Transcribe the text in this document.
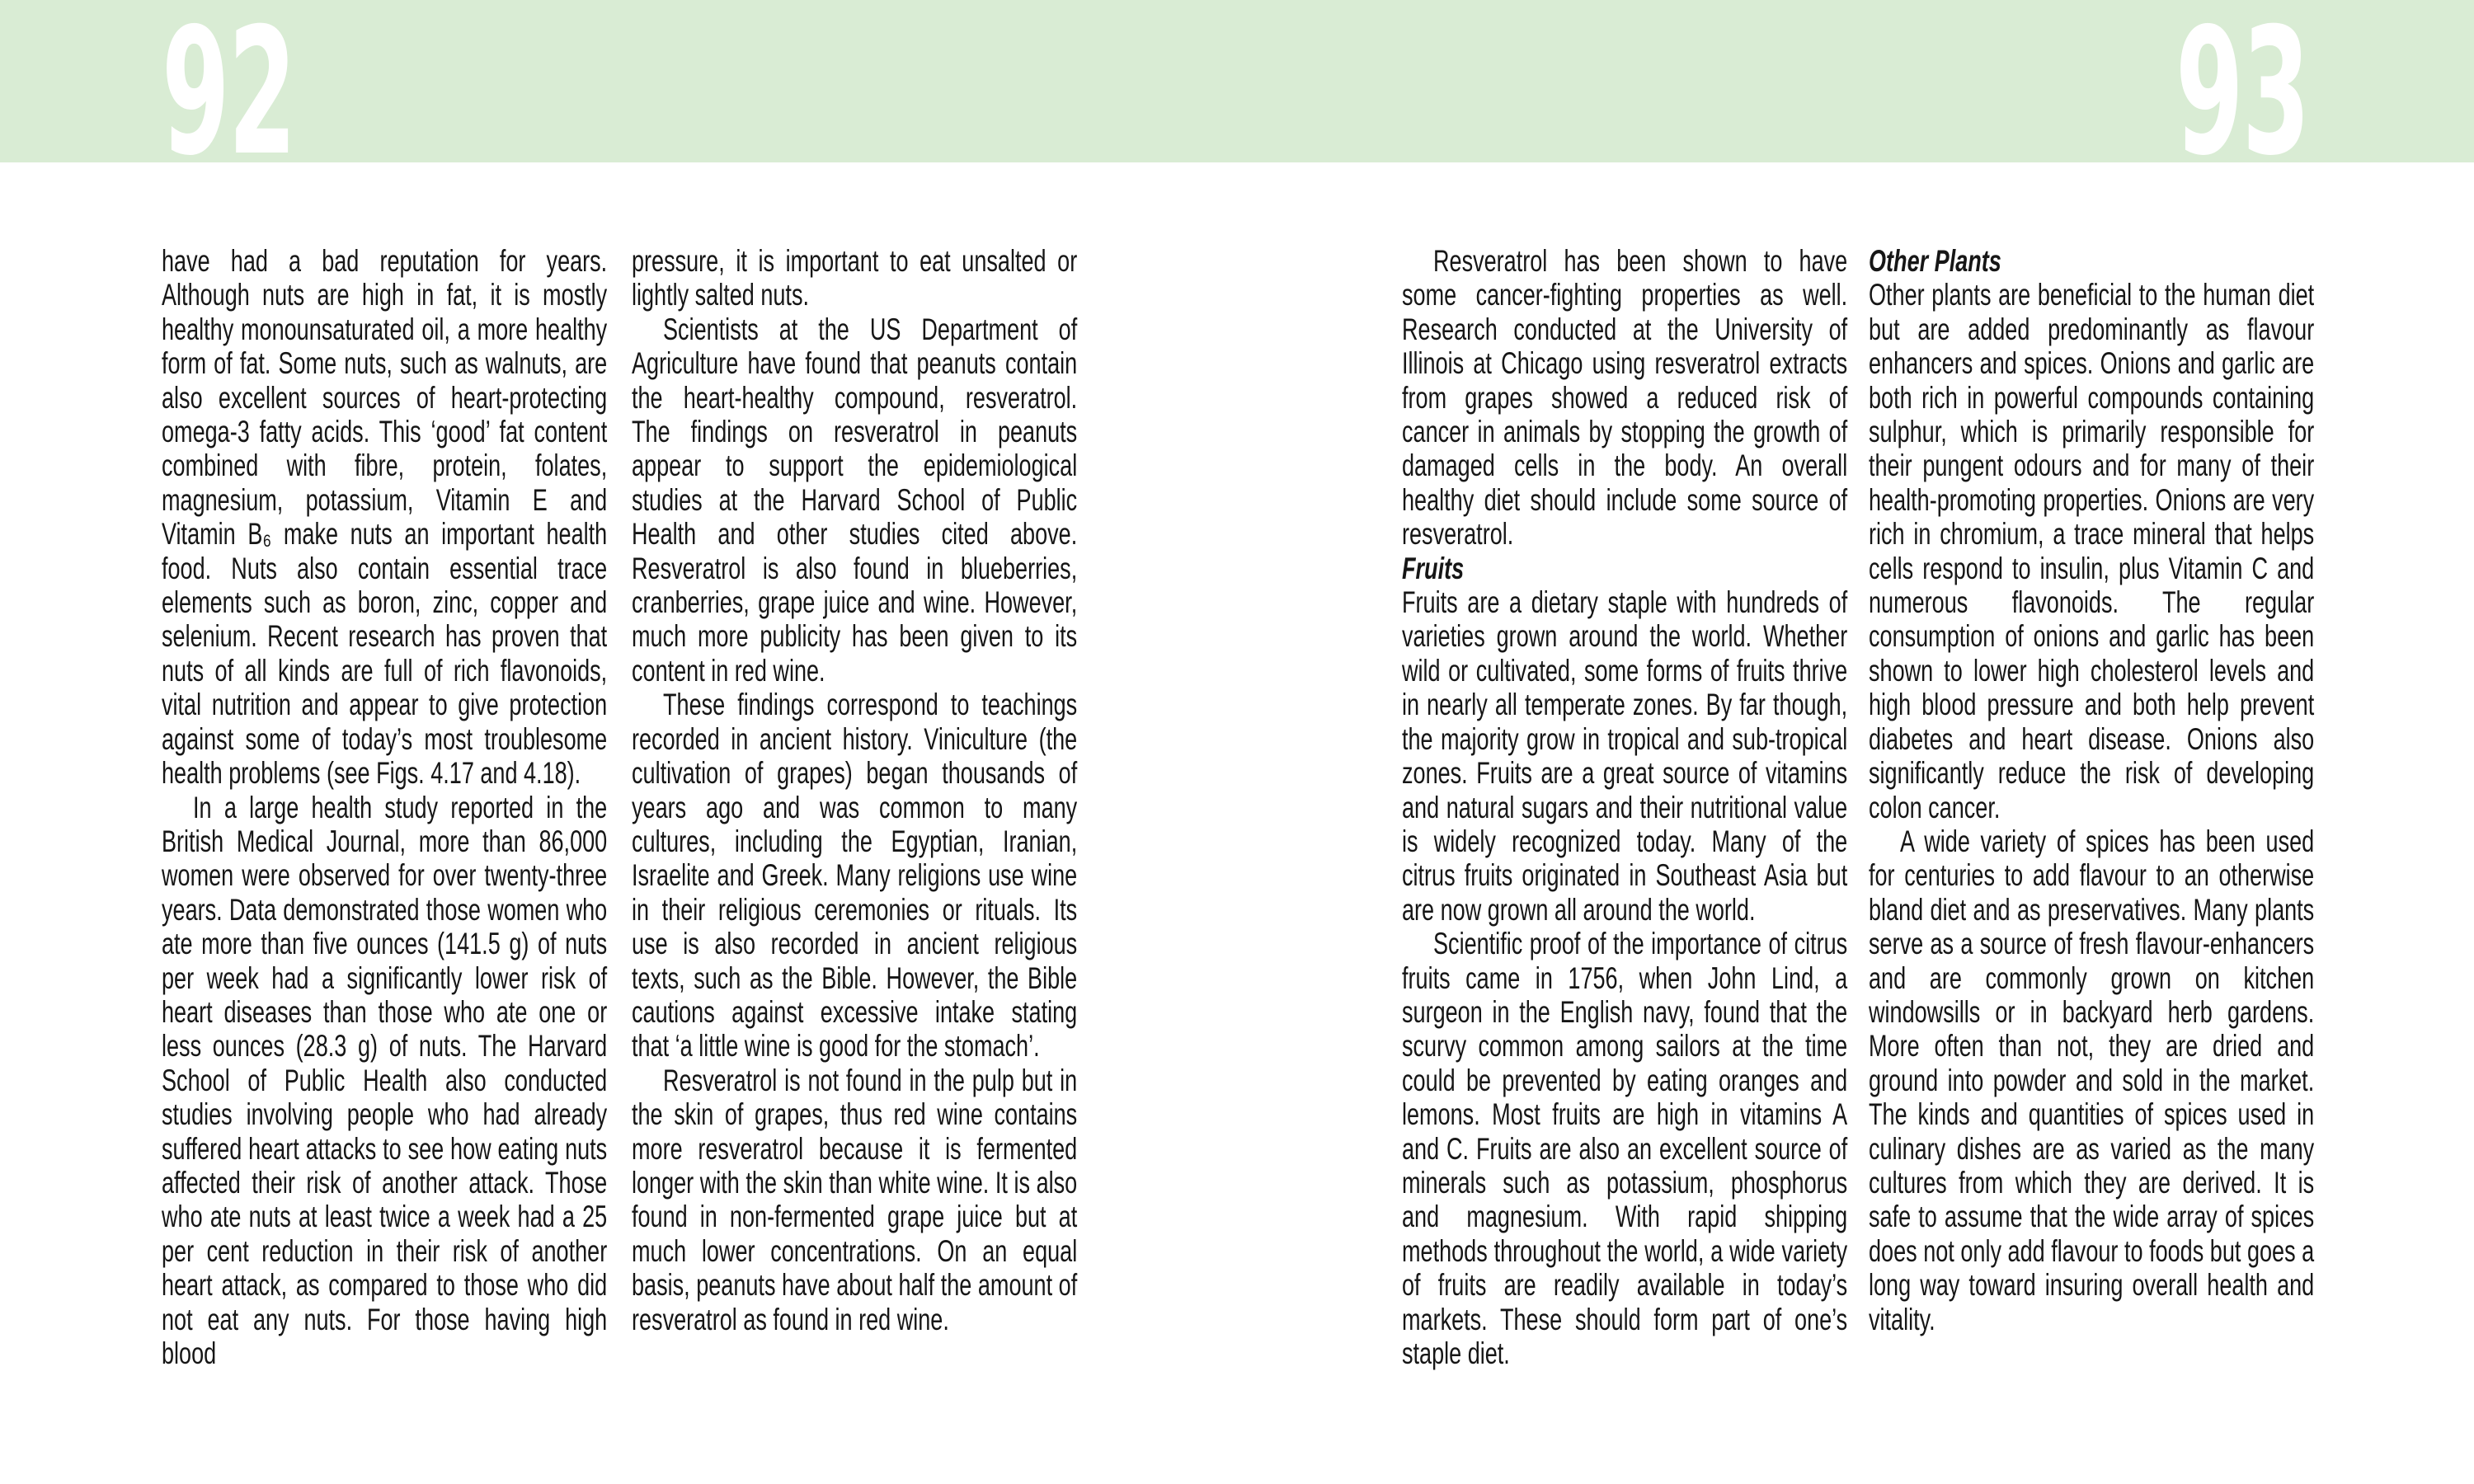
92	93

have had a bad reputation for years. Although nuts are high in fat, it is mostly healthy monounsaturated oil, a more healthy form of fat. Some nuts, such as walnuts, are also excellent sources of heart-protecting omega-3 fatty acids. This ‘good’ fat content combined with fibre, protein, folates, magnesium, potassium, Vitamin E and Vitamin B₆ make nuts an important health food. Nuts also contain essential trace elements such as boron, zinc, copper and selenium. Recent research has proven that nuts of all kinds are full of rich flavonoids, vital nutrition and appear to give protection against some of today’s most troublesome health problems (see Figs. 4.17 and 4.18).

In a large health study reported in the British Medical Journal, more than 86,000 women were observed for over twenty-three years. Data demonstrated those women who ate more than five ounces (141.5 g) of nuts per week had a significantly lower risk of heart diseases than those who ate one or less ounces (28.3 g) of nuts. The Harvard School of Public Health also conducted studies involving people who had already suffered heart attacks to see how eating nuts affected their risk of another attack. Those who ate nuts at least twice a week had a 25 per cent reduction in their risk of another heart attack, as compared to those who did not eat any nuts. For those having high blood

pressure, it is important to eat unsalted or lightly salted nuts.

Scientists at the US Department of Agriculture have found that peanuts contain the heart-healthy compound, resveratrol. The findings on resveratrol in peanuts appear to support the epidemiological studies at the Harvard School of Public Health and other studies cited above. Resveratrol is also found in blueberries, cranberries, grape juice and wine. However, much more publicity has been given to its content in red wine.

These findings correspond to teachings recorded in ancient history. Viniculture (the cultivation of grapes) began thousands of years ago and was common to many cultures, including the Egyptian, Iranian, Israelite and Greek. Many religions use wine in their religious ceremonies or rituals. Its use is also recorded in ancient religious texts, such as the Bible. However, the Bible cautions against excessive intake stating that ‘a little wine is good for the stomach’.

Resveratrol is not found in the pulp but in the skin of grapes, thus red wine contains more resveratrol because it is fermented longer with the skin than white wine. It is also found in non-fermented grape juice but at much lower concentrations. On an equal basis, peanuts have about half the amount of resveratrol as found in red wine.

Resveratrol has been shown to have some cancer-fighting properties as well. Research conducted at the University of Illinois at Chicago using resveratrol extracts from grapes showed a reduced risk of cancer in animals by stopping the growth of damaged cells in the body. An overall healthy diet should include some source of resveratrol.

Fruits

Fruits are a dietary staple with hundreds of varieties grown around the world. Whether wild or cultivated, some forms of fruits thrive in nearly all temperate zones. By far though, the majority grow in tropical and sub-tropical zones. Fruits are a great source of vitamins and natural sugars and their nutritional value is widely recognized today. Many of the citrus fruits originated in Southeast Asia but are now grown all around the world.

Scientific proof of the importance of citrus fruits came in 1756, when John Lind, a surgeon in the English navy, found that the scurvy common among sailors at the time could be prevented by eating oranges and lemons. Most fruits are high in vitamins A and C. Fruits are also an excellent source of minerals such as potassium, phosphorus and magnesium. With rapid shipping methods throughout the world, a wide variety of fruits are readily available in today’s markets. These should form part of one’s staple diet.

Other Plants

Other plants are beneficial to the human diet but are added predominantly as flavour enhancers and spices. Onions and garlic are both rich in powerful compounds containing sulphur, which is primarily responsible for their pungent odours and for many of their health-promoting properties. Onions are very rich in chromium, a trace mineral that helps cells respond to insulin, plus Vitamin C and numerous flavonoids. The regular consumption of onions and garlic has been shown to lower high cholesterol levels and high blood pressure and both help prevent diabetes and heart disease. Onions also significantly reduce the risk of developing colon cancer.

A wide variety of spices has been used for centuries to add flavour to an otherwise bland diet and as preservatives. Many plants serve as a source of fresh flavour-enhancers and are commonly grown on kitchen windowsills or in backyard herb gardens. More often than not, they are dried and ground into powder and sold in the market. The kinds and quantities of spices used in culinary dishes are as varied as the many cultures from which they are derived. It is safe to assume that the wide array of spices does not only add flavour to foods but goes a long way toward insuring overall health and vitality.
